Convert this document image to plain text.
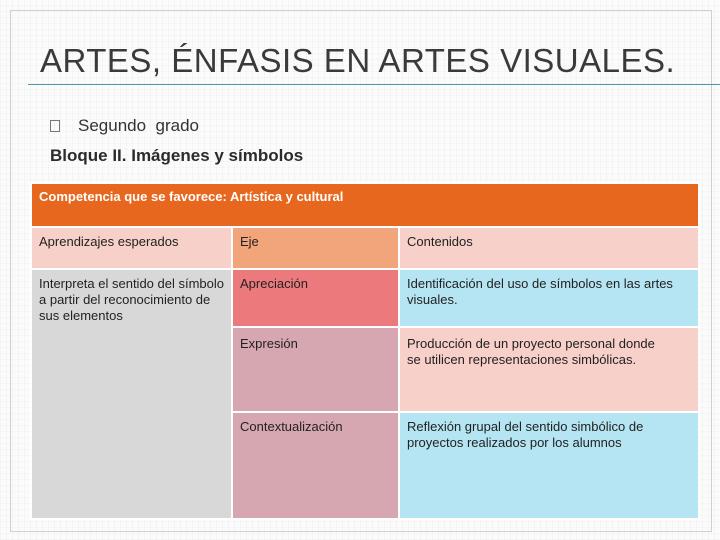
ARTES, ÉNFASIS EN ARTES VISUALES.
Segundo  grado
Bloque II. Imágenes y símbolos
Competencia que se favorece: Artística y cultural
Aprendizajes esperados	Eje	Contenidos
Interpreta el sentido del símbolo a partir del reconocimiento de sus elementos
Apreciación	Identificación del uso de símbolos en las artes visuales.
Expresión	Producción de un proyecto personal donde se utilicen representaciones simbólicas.
Contextualización	Reflexión grupal del sentido simbólico de proyectos realizados por los alumnos
